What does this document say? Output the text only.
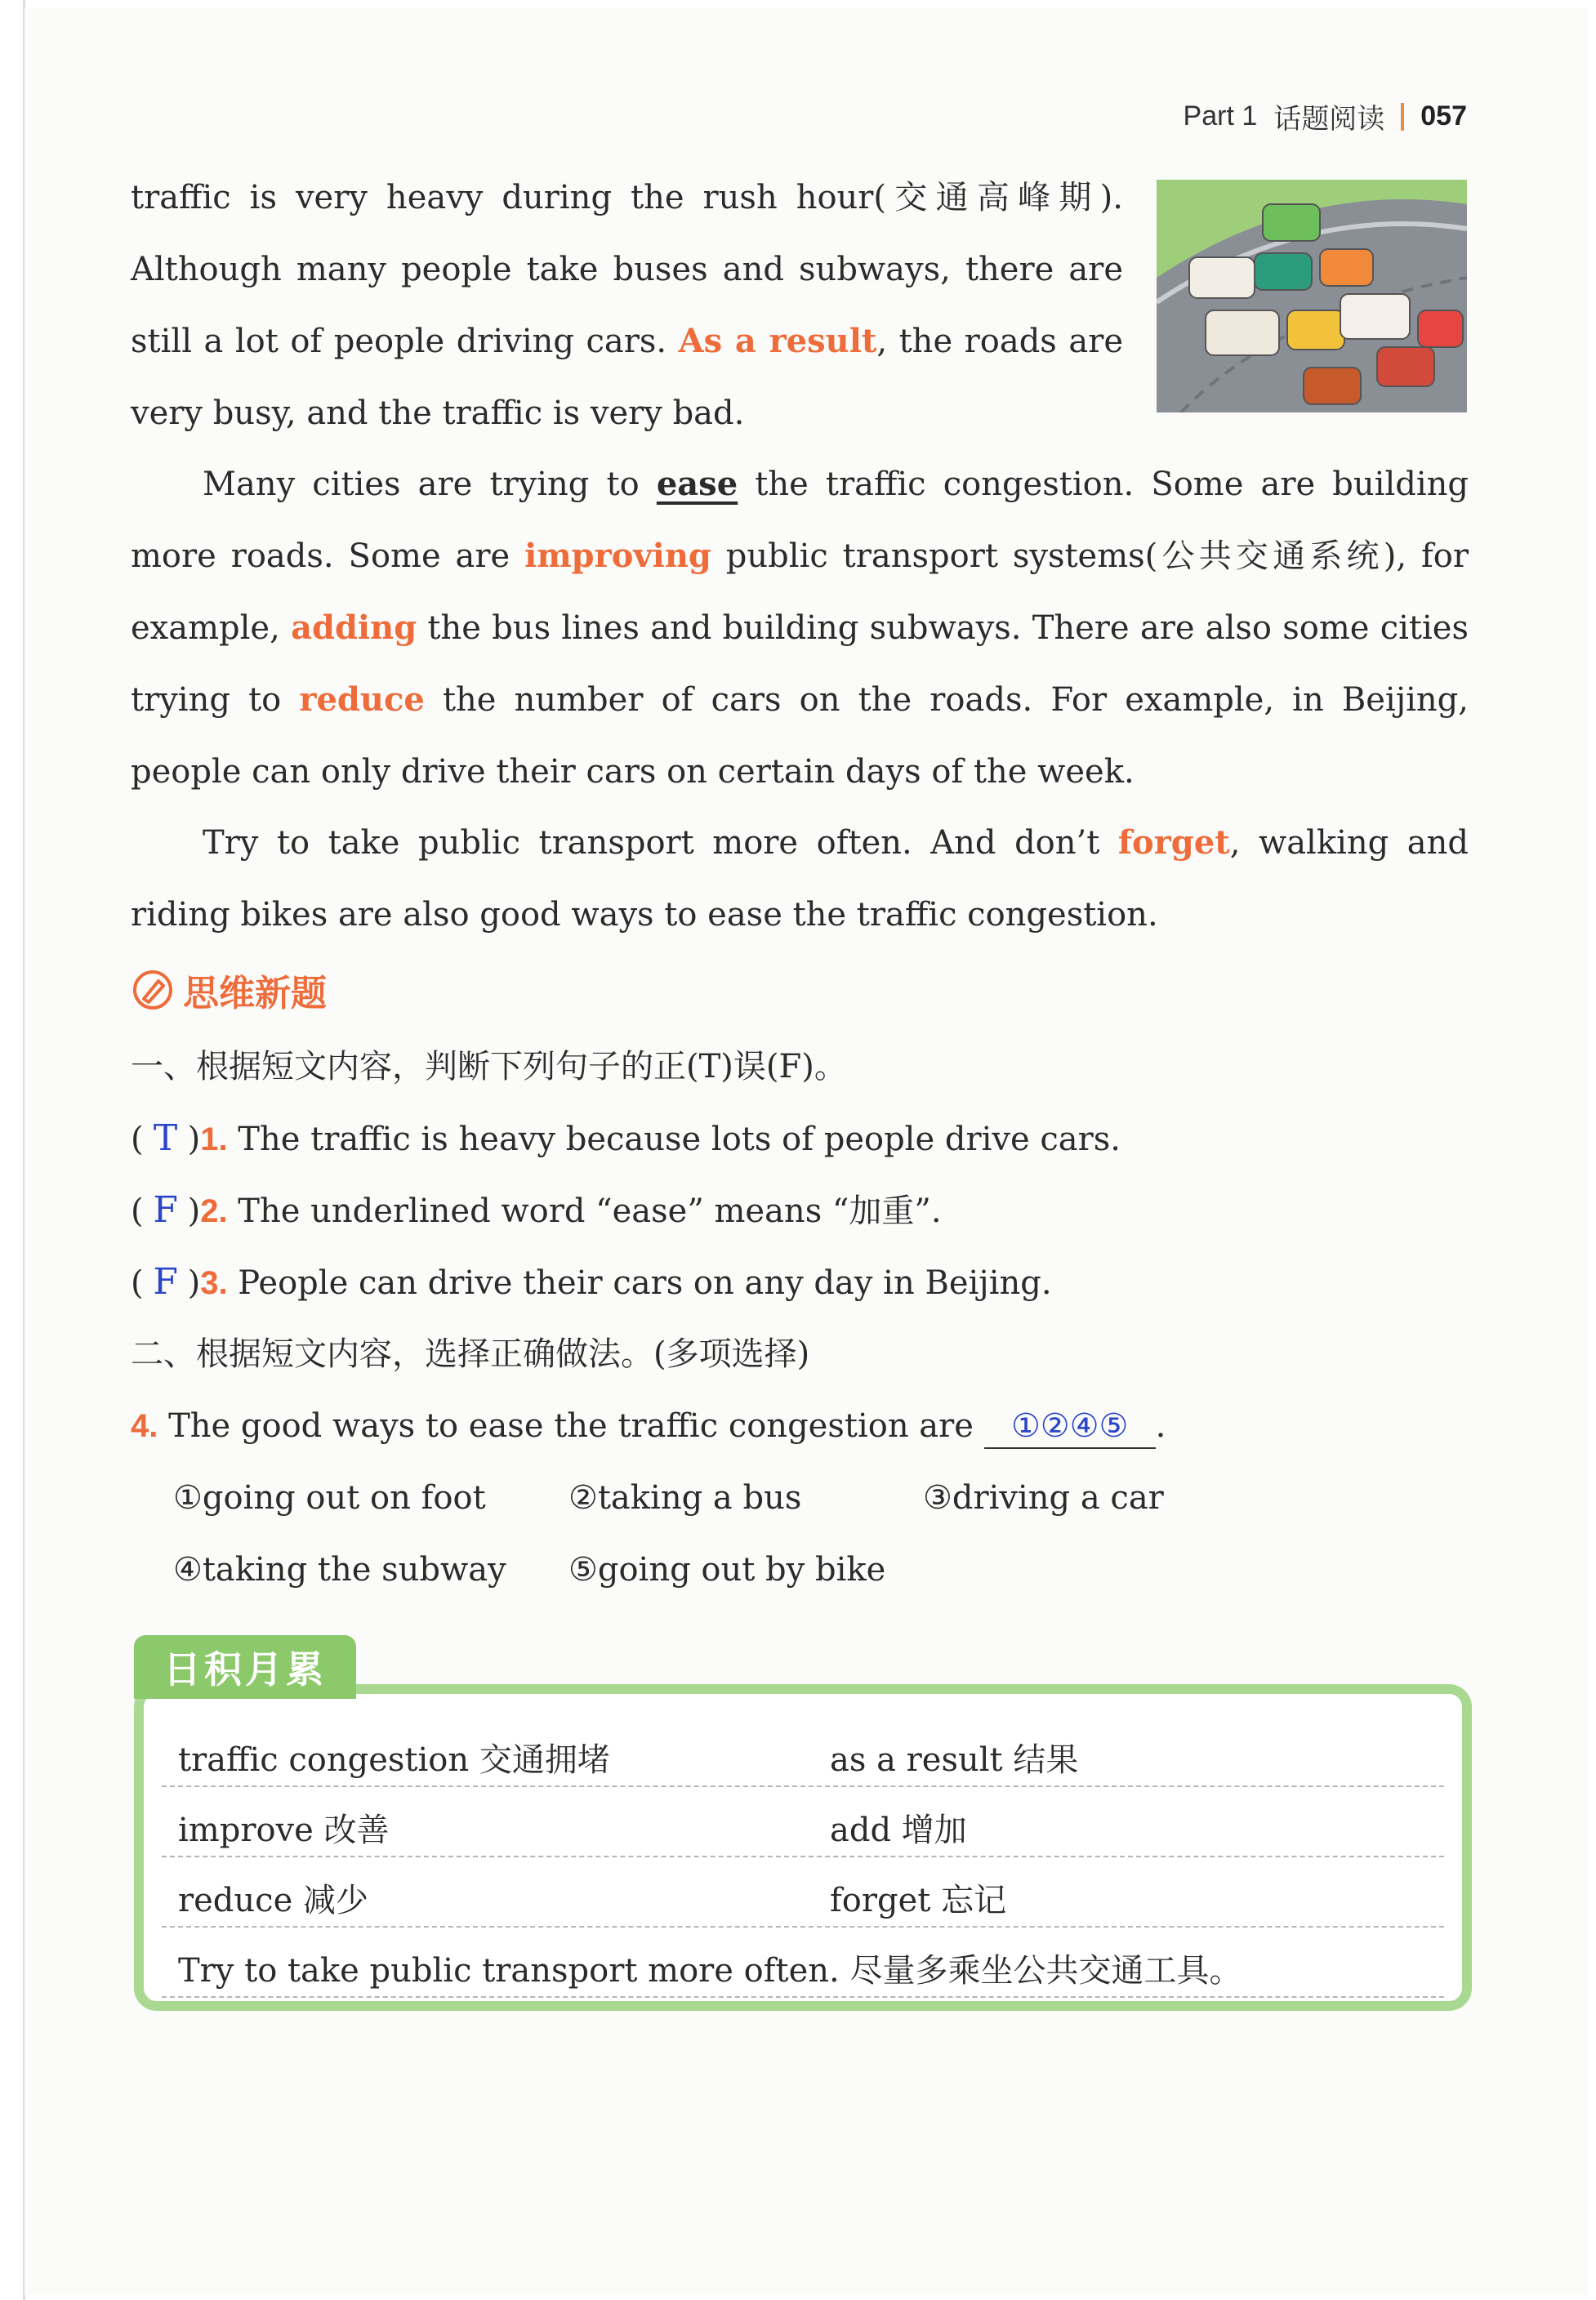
Part 1 话题阅读 057
traffic is very heavy during the rush hour(交通高峰期). Although many people take buses and subways, there are still a lot of people driving cars. As a result, the roads are very busy, and the traffic is very bad.
Many cities are trying to ease the traffic congestion. Some are building more roads. Some are improving public transport systems(公共交通系统), for example, adding the bus lines and building subways. There are also some cities trying to reduce the number of cars on the roads. For example, in Beijing, people can only drive their cars on certain days of the week.
Try to take public transport more often. And don’t forget, walking and riding bikes are also good ways to ease the traffic congestion.
思维新题
一、根据短文内容，判断下列句子的正(T)误(F)。
( T )1. The traffic is heavy because lots of people drive cars.
( F )2. The underlined word “ease” means “加重”.
( F )3. People can drive their cars on any day in Beijing.
二、根据短文内容，选择正确做法。(多项选择)
4. The good ways to ease the traffic congestion are ①②④⑤ .
①going out on foot	②taking a bus	③driving a car
④taking the subway ⑤going out by bike
traffic congestion 交通拥堵	as a result 结果
improve 改善	add 增加
reduce 减少	forget 忘记
Try to take public transport more often. 尽量多乘坐公共交通工具。
日积月累
